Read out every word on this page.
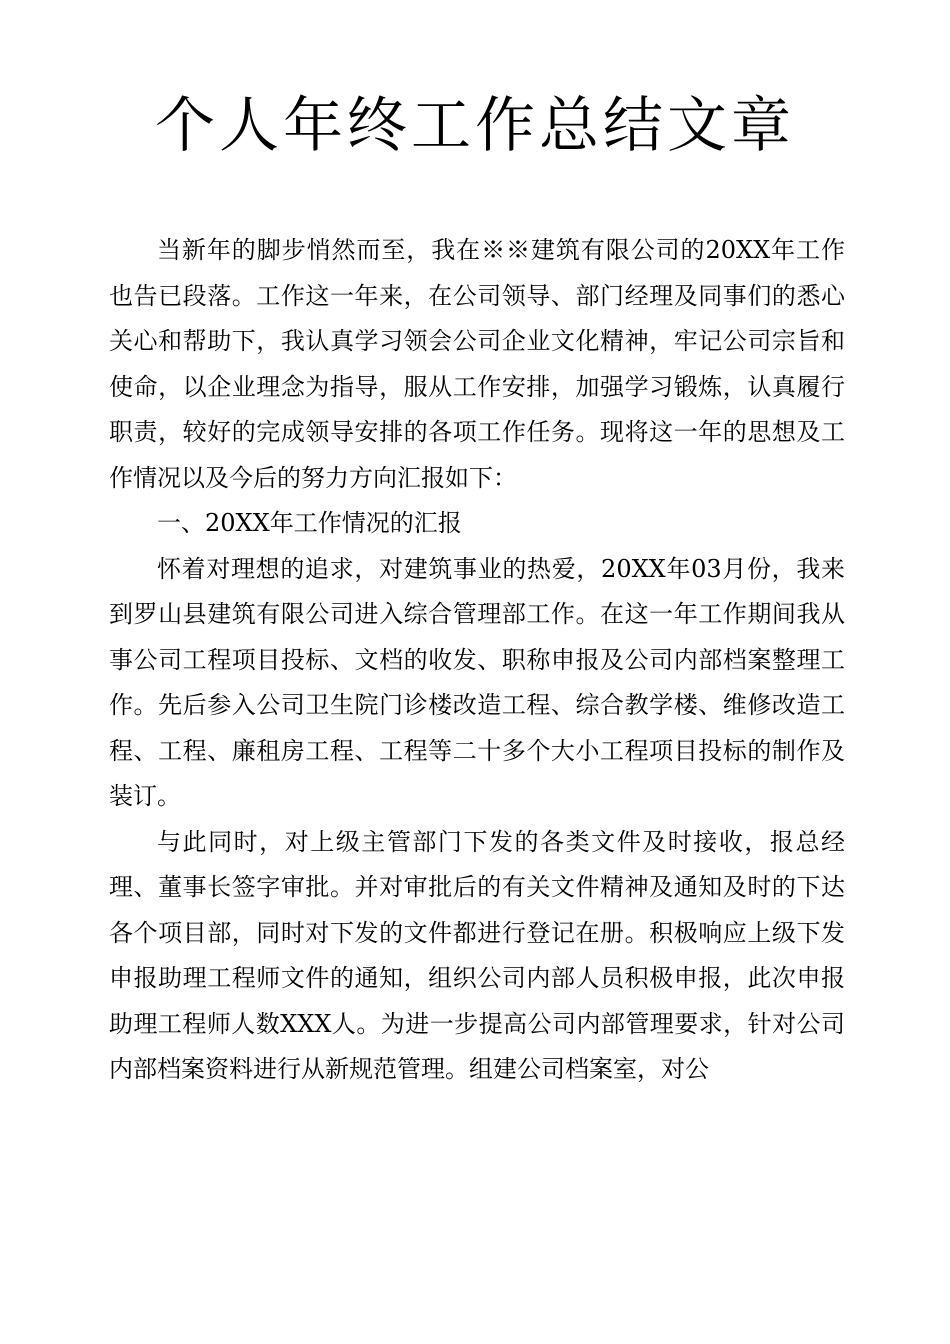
个人年终工作总结文章

当新年的脚步悄然而至，我在※※建筑有限公司的20XX年工作也告已段落。工作这一年来，在公司领导、部门经理及同事们的悉心关心和帮助下，我认真学习领会公司企业文化精神，牢记公司宗旨和使命，以企业理念为指导，服从工作安排，加强学习锻炼，认真履行职责，较好的完成领导安排的各项工作任务。现将这一年的思想及工作情况以及今后的努力方向汇报如下：

一、20XX年工作情况的汇报

怀着对理想的追求，对建筑事业的热爱，20XX年03月份，我来到罗山县建筑有限公司进入综合管理部工作。在这一年工作期间我从事公司工程项目投标、文档的收发、职称申报及公司内部档案整理工作。先后参入公司卫生院门诊楼改造工程、综合教学楼、维修改造工程、工程、廉租房工程、工程等二十多个大小工程项目投标的制作及装订。

与此同时，对上级主管部门下发的各类文件及时接收，报总经理、董事长签字审批。并对审批后的有关文件精神及通知及时的下达各个项目部，同时对下发的文件都进行登记在册。积极响应上级下发申报助理工程师文件的通知，组织公司内部人员积极申报，此次申报助理工程师人数XXX人。为进一步提高公司内部管理要求，针对公司内部档案资料进行从新规范管理。组建公司档案室，对公
